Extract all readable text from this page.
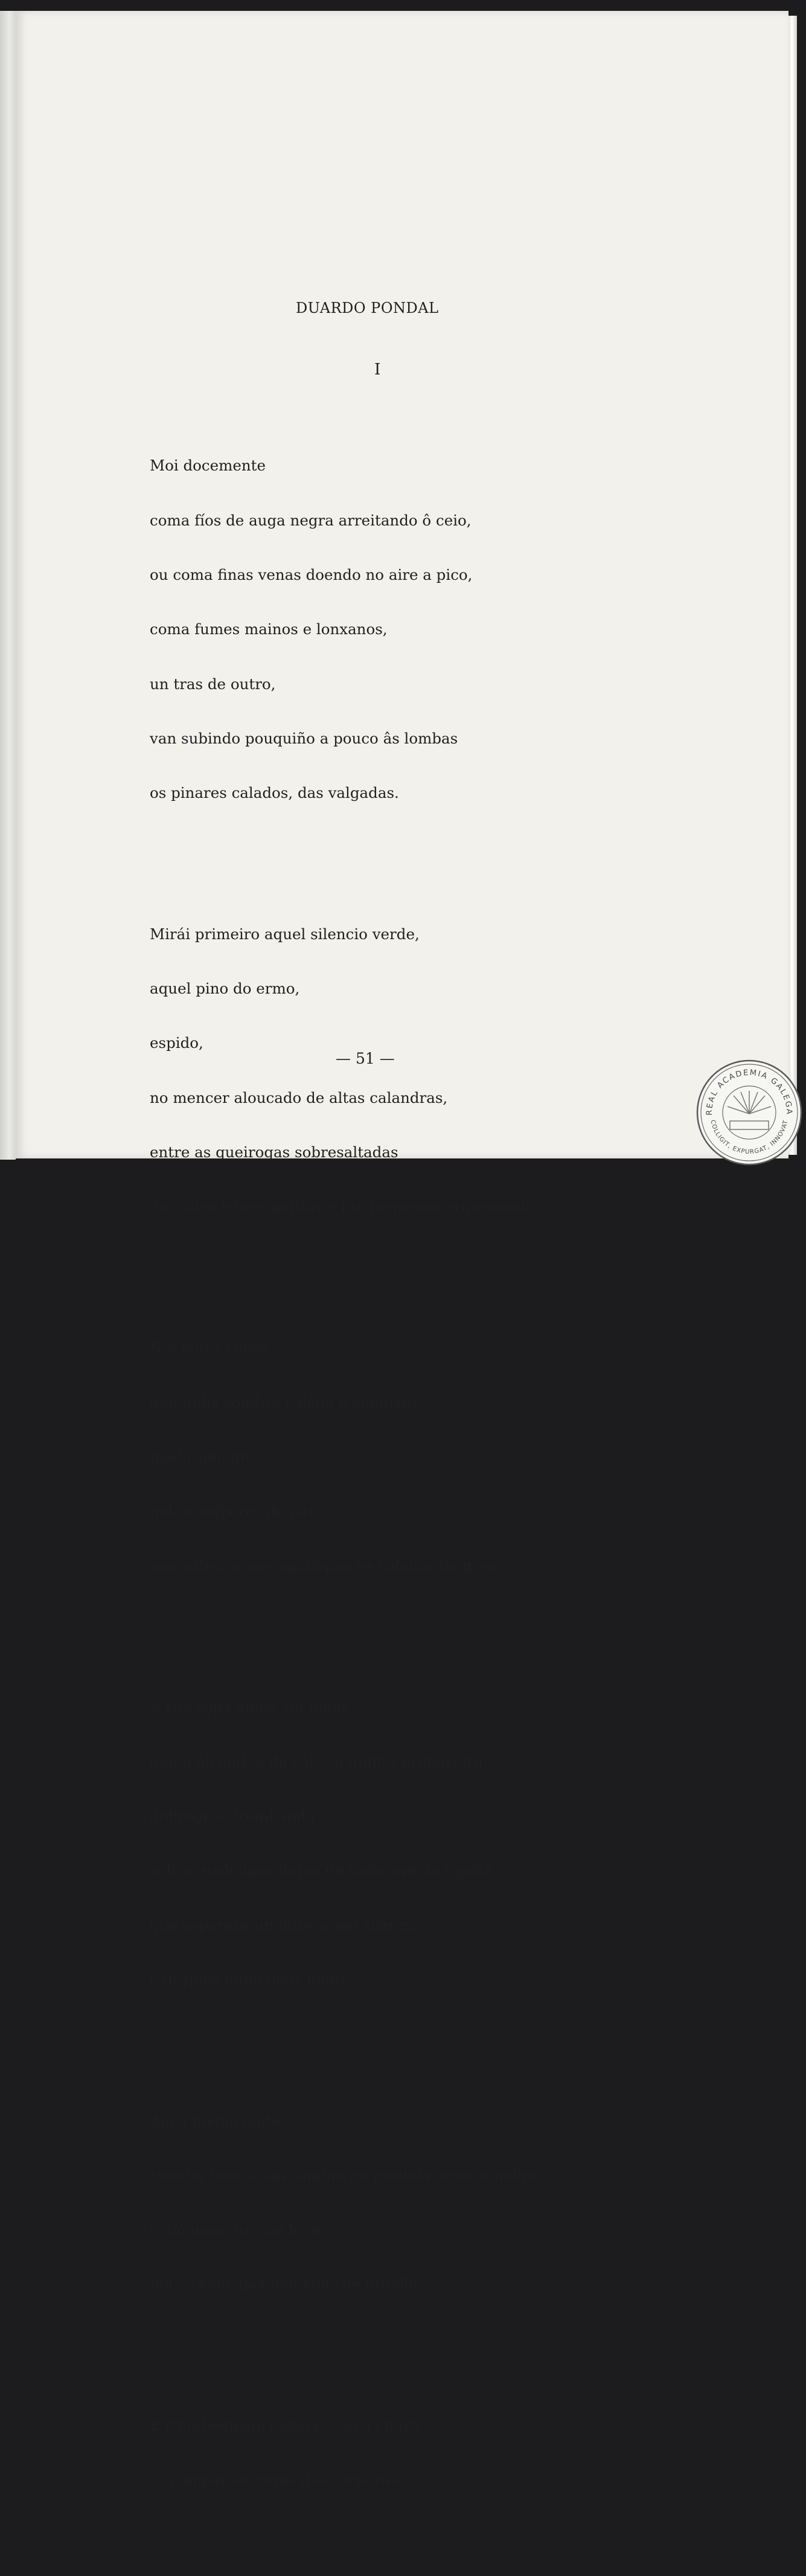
DUARDO PONDAL
I

Moi docemente

coma fíos de auga negra arreitando ô ceio,

ou coma finas venas doendo no aire a pico,

coma fumes mainos e lonxanos,

un tras de outro,

van subindo pouquiño a pouco âs lombas

os pinares calados, das valgadas.

Mirái primeiro aquel silencio verde,

aquel pino do ermo,

espido,

no mencer aloucado de altas calandras,

entre as queirogas sobresaltadas

de áxiles lebres pardas e râs pequenas arquexando.

N’é outra cousa

que unha sombra calada e alongada,

piadosamente,

pol-os solpôres de ouro,

nos outeiros que agallopan os cabalos da grea.

A súa copa aínda sin niños,

que n’alcendéu de velas a quinta primaveira,

dobrégase trembando

sob as gadoupas duras de unha ave de rapiña

que esparexe un intre o seu silencio

e despóis faino máis fondo.

Aló â media noite

tremba toda a sua sombra xa perdida entre a nebra

e alóngase un son leve

pol-as valgadas húmedas de orballo.

E trembequean caladas sob a chuva

as campaíñas roxas das carpazas.

— 51 —
REAL ACADEMIA GALEGA
COLLIGIT, EXPURGAT, INNOVAT
